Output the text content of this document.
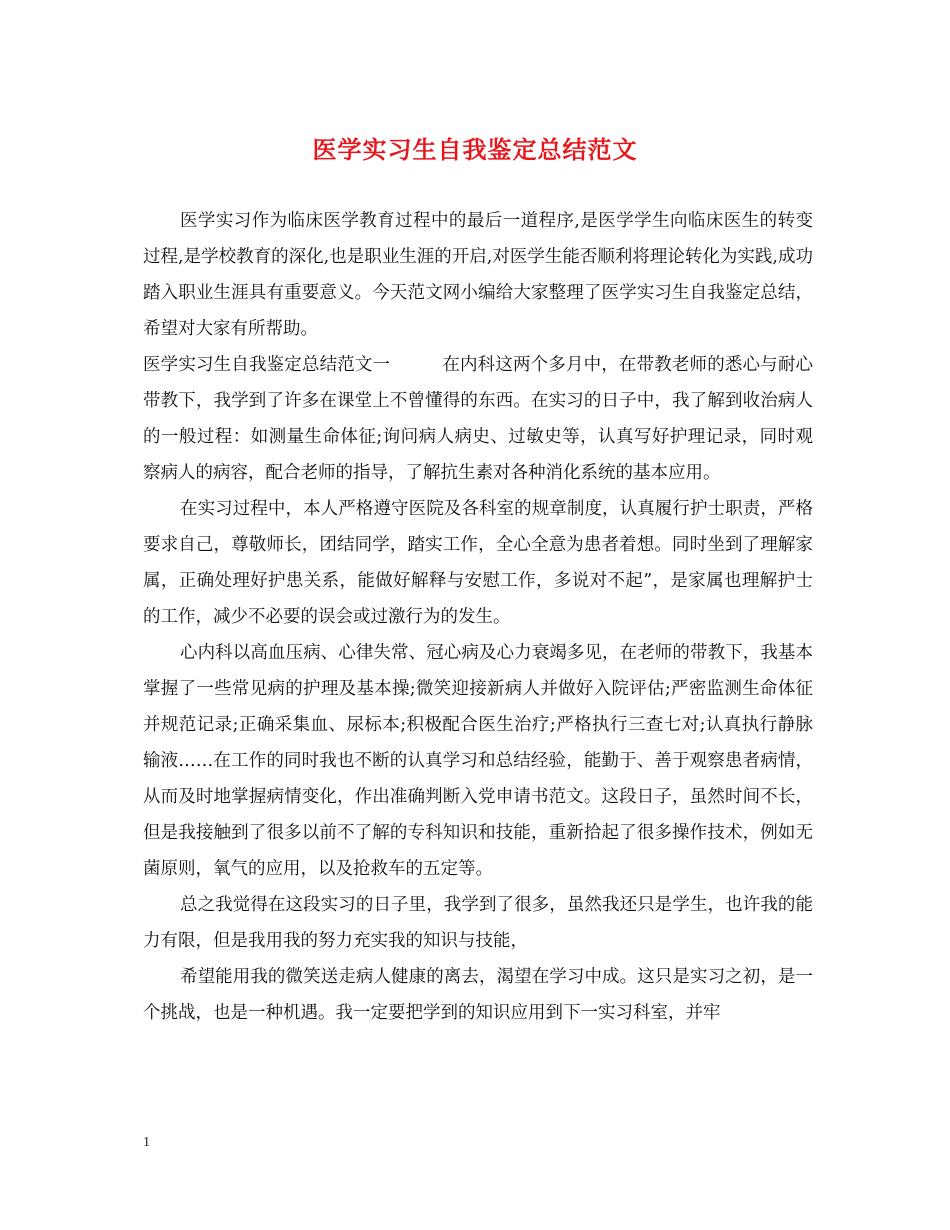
医学实习生自我鉴定总结范文

医学实习作为临床医学教育过程中的最后一道程序,是医学学生向临床医生的转变过程,是学校教育的深化,也是职业生涯的开启,对医学生能否顺利将理论转化为实践,成功踏入职业生涯具有重要意义。今天范文网小编给大家整理了医学实习生自我鉴定总结，希望对大家有所帮助。

医学实习生自我鉴定总结范文一	在内科这两个多月中，在带教老师的悉心与耐心带教下，我学到了许多在课堂上不曾懂得的东西。在实习的日子中，我了解到收治病人的一般过程：如测量生命体征;询问病人病史、过敏史等，认真写好护理记录，同时观察病人的病容，配合老师的指导，了解抗生素对各种消化系统的基本应用。

在实习过程中，本人严格遵守医院及各科室的规章制度，认真履行护士职责，严格要求自己，尊敬师长，团结同学，踏实工作，全心全意为患者着想。同时坐到了理解家属，正确处理好护患关系，能做好解释与安慰工作，多说对不起”，是家属也理解护士的工作，减少不必要的误会或过激行为的发生。

心内科以高血压病、心律失常、冠心病及心力衰竭多见，在老师的带教下，我基本掌握了一些常见病的护理及基本操;微笑迎接新病人并做好入院评估;严密监测生命体征并规范记录;正确采集血、尿标本;积极配合医生治疗;严格执行三查七对;认真执行静脉输液……在工作的同时我也不断的认真学习和总结经验，能勤于、善于观察患者病情，从而及时地掌握病情变化，作出准确判断入党申请书范文。这段日子，虽然时间不长，但是我接触到了很多以前不了解的专科知识和技能，重新拾起了很多操作技术，例如无菌原则，氧气的应用，以及抢救车的五定等。

总之我觉得在这段实习的日子里，我学到了很多，虽然我还只是学生，也许我的能力有限，但是我用我的努力充实我的知识与技能，

希望能用我的微笑送走病人健康的离去，渴望在学习中成。这只是实习之初，是一个挑战，也是一种机遇。我一定要把学到的知识应用到下一实习科室，并牢

1
